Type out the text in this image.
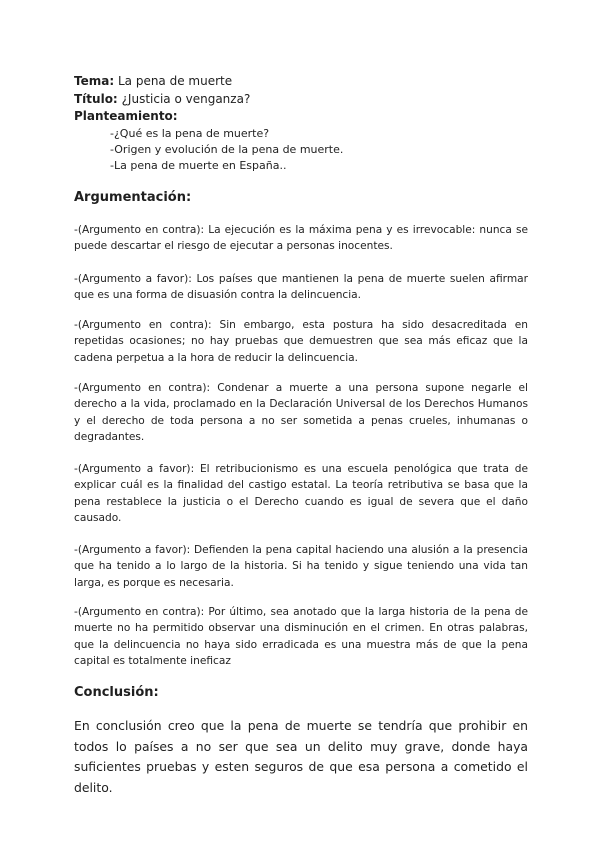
Tema: La pena de muerte
Título: ¿Justicia o venganza?
Planteamiento:
-¿Qué es la pena de muerte?
-Origen y evolución de la pena de muerte.
-La pena de muerte en España..
Argumentación:

-(Argumento en contra): La ejecución es la máxima pena y es irrevocable: nunca se puede descartar el riesgo de ejecutar a personas inocentes.

-(Argumento a favor): Los países que mantienen la pena de muerte suelen afirmar que es una forma de disuasión contra la delincuencia.

-(Argumento en contra): Sin embargo, esta postura ha sido desacreditada en repetidas ocasiones; no hay pruebas que demuestren que sea más eficaz que la cadena perpetua a la hora de reducir la delincuencia.

-(Argumento en contra): Condenar a muerte a una persona supone negarle el derecho a la vida, proclamado en la Declaración Universal de los Derechos Humanos y el derecho de toda persona a no ser sometida a penas crueles, inhumanas o degradantes.

-(Argumento a favor): El retribucionismo es una escuela penológica que trata de explicar cuál es la finalidad del castigo estatal. La teoría retributiva se basa que la pena restablece la justicia o el Derecho cuando es igual de severa que el daño causado.

-(Argumento a favor): Defienden la pena capital haciendo una alusión a la presencia que ha tenido a lo largo de la historia. Si ha tenido y sigue teniendo una vida tan larga, es porque es necesaria.

-(Argumento en contra): Por último, sea anotado que la larga historia de la pena de muerte no ha permitido observar una disminución en el crimen. En otras palabras, que la delincuencia no haya sido erradicada es una muestra más de que la pena capital es totalmente ineficaz

Conclusión:

En conclusión creo que la pena de muerte se tendría que prohibir en todos lo países a no ser que sea un delito muy grave, donde haya suficientes pruebas y esten seguros de que esa persona a cometido el delito.
